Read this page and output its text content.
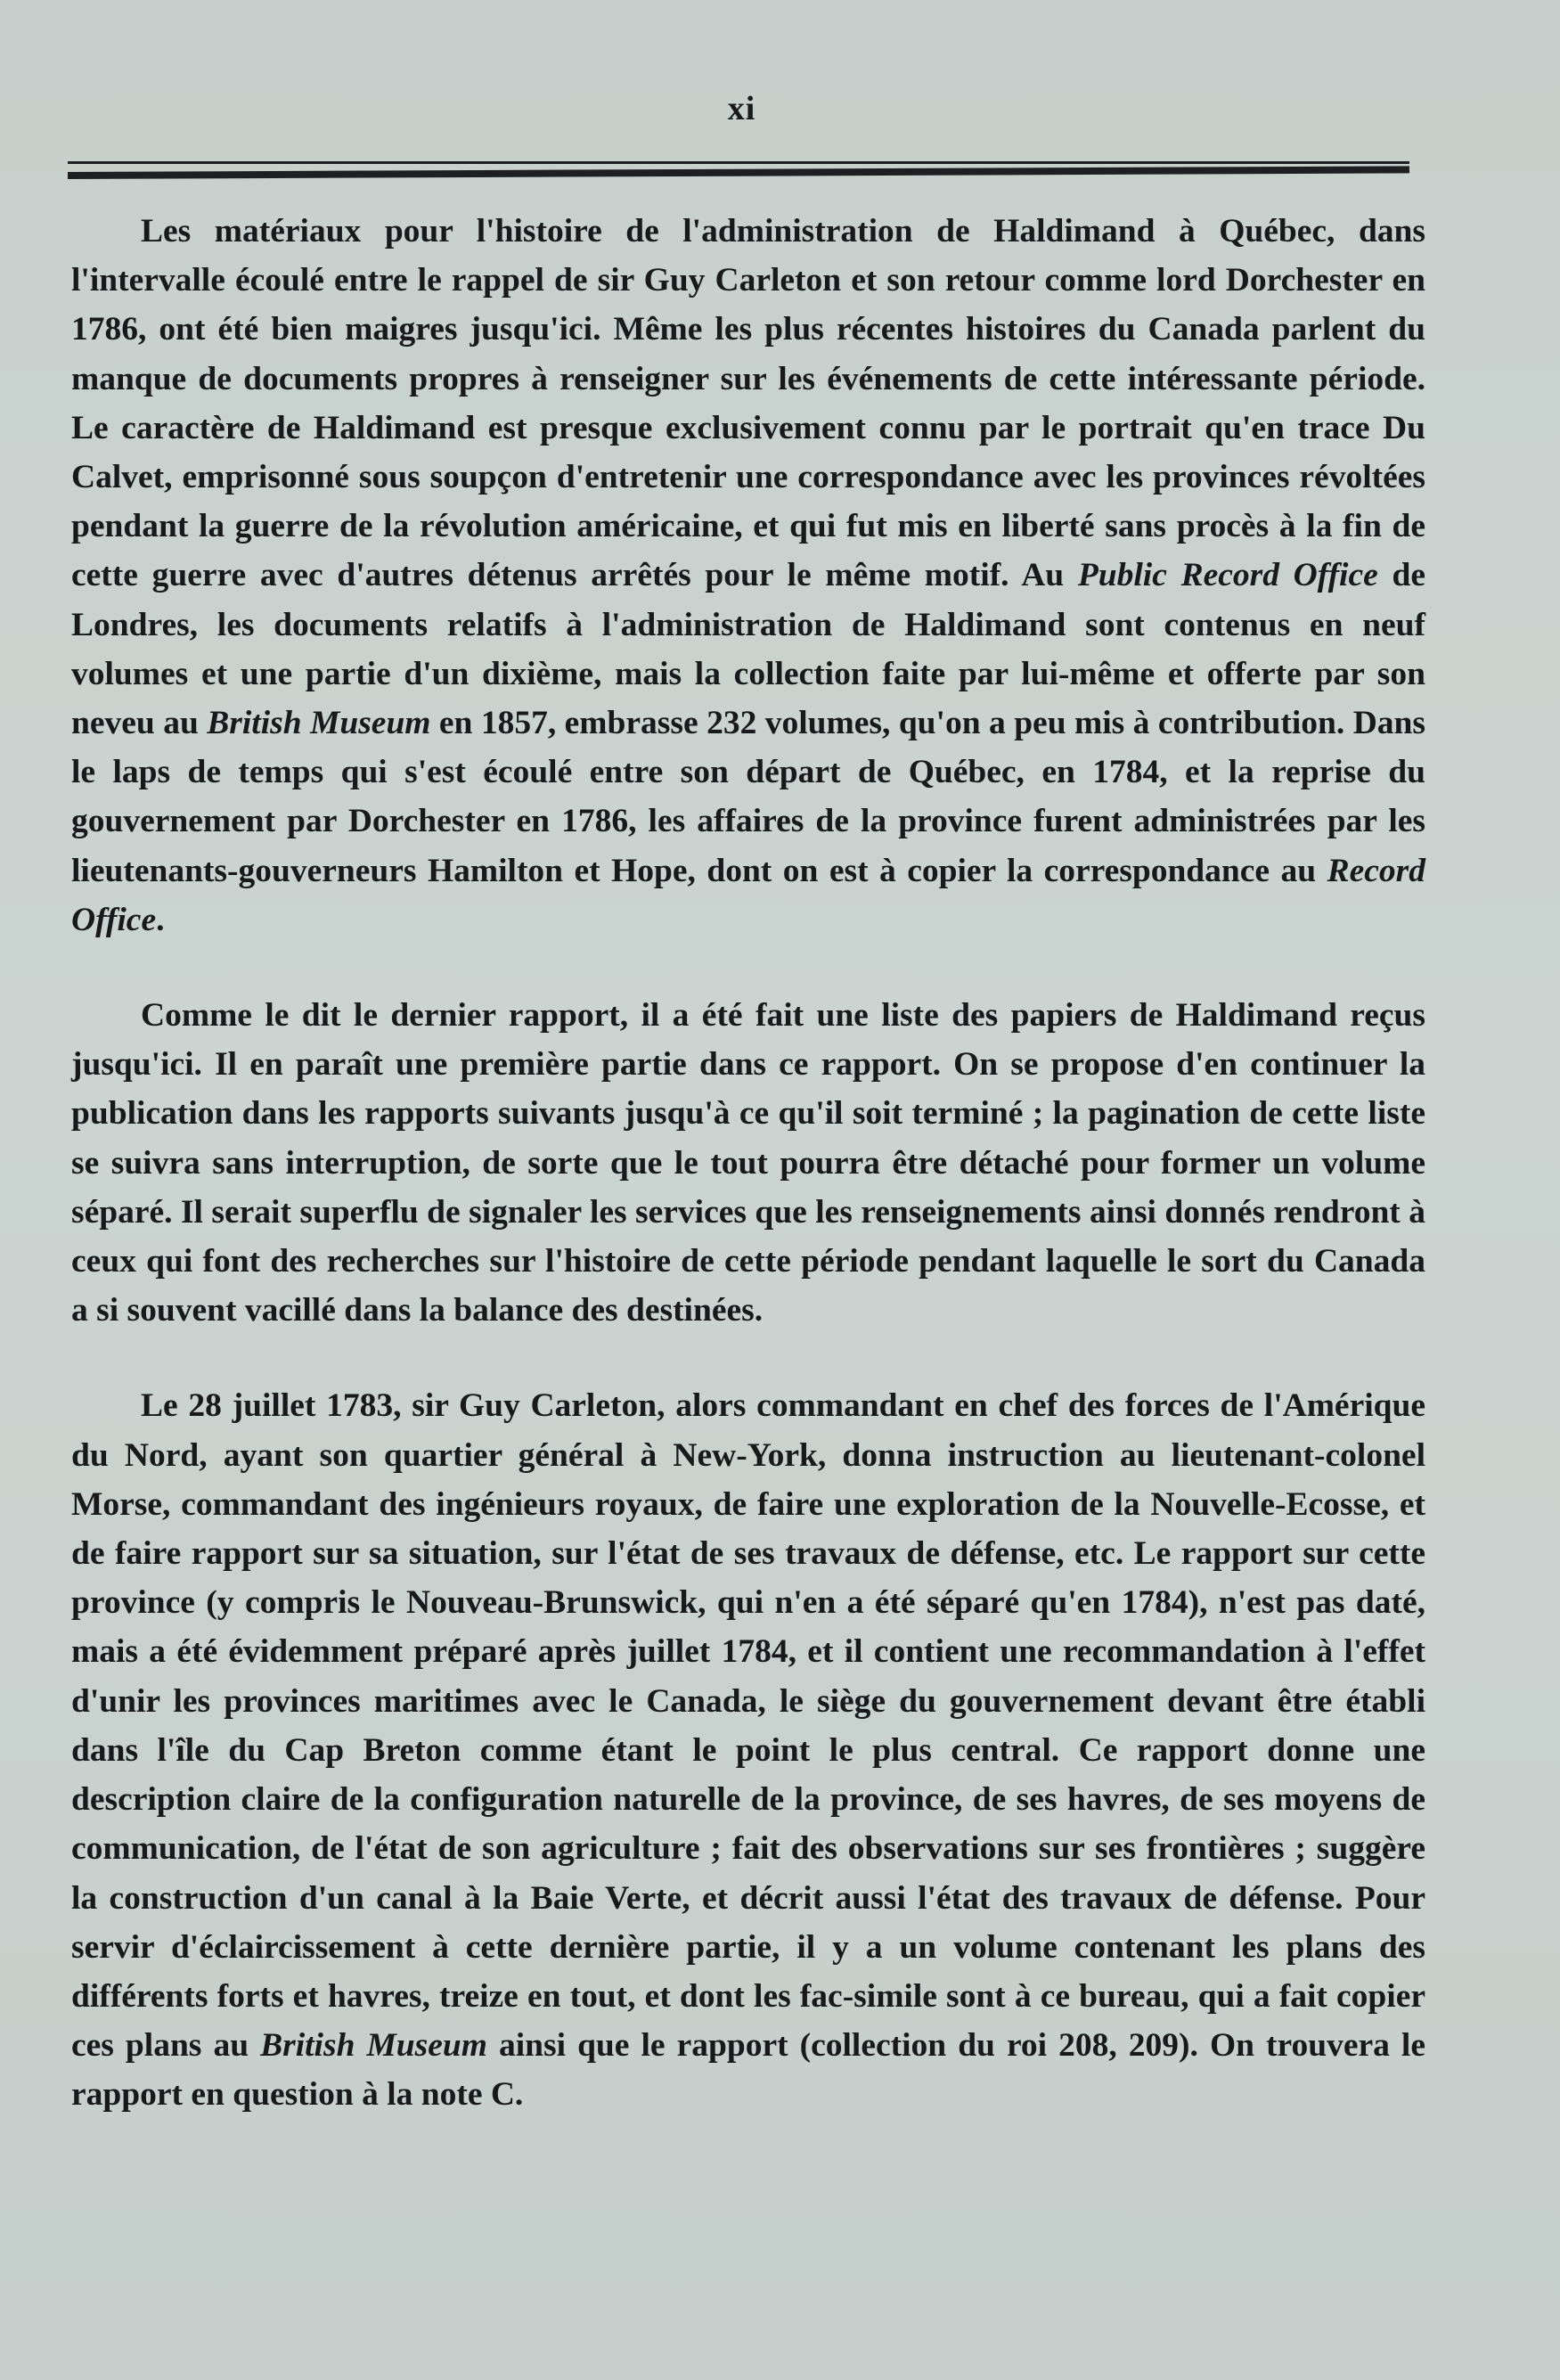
xi

Les matériaux pour l'histoire de l'administration de Haldimand à Québec, dans l'intervalle écoulé entre le rappel de sir Guy Carleton et son retour comme lord Dorchester en 1786, ont été bien maigres jusqu'ici. Même les plus récentes histoires du Canada parlent du manque de documents propres à renseigner sur les événements de cette intéressante période. Le caractère de Haldimand est presque exclusivement connu par le portrait qu'en trace Du Calvet, emprisonné sous soupçon d'entretenir une correspondance avec les provinces révoltées pendant la guerre de la révolution américaine, et qui fut mis en liberté sans procès à la fin de cette guerre avec d'autres détenus arrêtés pour le même motif. Au Public Record Office de Londres, les documents relatifs à l'administration de Haldimand sont contenus en neuf volumes et une partie d'un dixième, mais la collection faite par lui-même et offerte par son neveu au British Museum en 1857, embrasse 232 volumes, qu'on a peu mis à contribution. Dans le laps de temps qui s'est écoulé entre son départ de Québec, en 1784, et la reprise du gouvernement par Dorchester en 1786, les affaires de la province furent administrées par les lieutenants-gouverneurs Hamilton et Hope, dont on est à copier la correspondance au Record Office.

Comme le dit le dernier rapport, il a été fait une liste des papiers de Haldimand reçus jusqu'ici. Il en paraît une première partie dans ce rapport. On se propose d'en continuer la publication dans les rapports suivants jusqu'à ce qu'il soit terminé ; la pagination de cette liste se suivra sans interruption, de sorte que le tout pourra être détaché pour former un volume séparé. Il serait superflu de signaler les services que les renseignements ainsi donnés rendront à ceux qui font des recherches sur l'histoire de cette période pendant laquelle le sort du Canada a si souvent vacillé dans la balance des destinées.

Le 28 juillet 1783, sir Guy Carleton, alors commandant en chef des forces de l'Amérique du Nord, ayant son quartier général à New-York, donna instruction au lieutenant-colonel Morse, commandant des ingénieurs royaux, de faire une exploration de la Nouvelle-Ecosse, et de faire rapport sur sa situation, sur l'état de ses travaux de défense, etc. Le rapport sur cette province (y compris le Nouveau-Brunswick, qui n'en a été séparé qu'en 1784), n'est pas daté, mais a été évidemment préparé après juillet 1784, et il contient une recommandation à l'effet d'unir les provinces maritimes avec le Canada, le siège du gouvernement devant être établi dans l'île du Cap Breton comme étant le point le plus central. Ce rapport donne une description claire de la configuration naturelle de la province, de ses havres, de ses moyens de communication, de l'état de son agriculture ; fait des observations sur ses frontières ; suggère la construction d'un canal à la Baie Verte, et décrit aussi l'état des travaux de défense. Pour servir d'éclaircissement à cette dernière partie, il y a un volume contenant les plans des différents forts et havres, treize en tout, et dont les fac-simile sont à ce bureau, qui a fait copier ces plans au British Museum ainsi que le rapport (collection du roi 208, 209). On trouvera le rapport en question à la note C.
